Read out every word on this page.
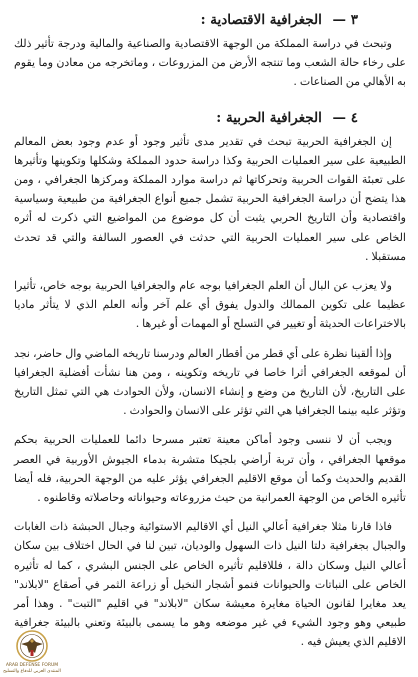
٣ — الجغرافية الاقتصادية :

وتبحث في دراسة المملكة من الوجهة الاقتصادية والصناعية والمالية ودرجة تأثير ذلك على رخاء حالة الشعب وما تنتجه الأرض من المزروعات ، وماتخرجه من معادن وما يقوم به الأهالي من الصناعات .

٤ — الجغرافية الحربية :

إن الجغرافية الحربية تبحث في تقدير مدى تأثير وجود أو عدم وجود بعض المعالم الطبيعية على سير العمليات الحربية وكذا دراسة حدود المملكة وشكلها وتكوينها وتأثيرها على تعبئة القوات الحربية وتحركاتها ثم دراسة موارد المملكة ومركزها الجغرافي ، ومن هذا يتضح أن دراسة الجغرافية الحربية تشمل جميع أنواع الجغرافية من طبيعية وسياسية واقتصادية وأن التاريخ الحربي يثبت أن كل موضوع من المواضيع التي ذكرت له أثره الخاص على سير العمليات الحربية التي حدثت في العصور السالفة والتي قد تحدث مستقبلا .

ولا يعزب عن البال أن العلم الجغرافيا بوجه عام والجغرافيا الحربية بوجه خاص، تأثيرا عظيما على تكوين الممالك والدول يفوق أي علم آخر وأنه العلم الذي لا يتأثر ماديا بالاختراعات الحديثة أو تغيير في التسلح أو المهمات أو غيرها .

وإذا ألقينا نظرة على أي قطر من أقطار العالم ودرسنا تاريخه الماضي وال حاضر، نجد أن لموقعه الجغرافي أثرا خاصا في تاريخه وتكوينه ، ومن هنا نشأت أفضلية الجغرافيا على التاريخ، لأن التاريخ من وضع و إنشاء الانسان، ولأن الحوادث هي التي تمثل التاريخ وتؤثر عليه بينما الجغرافيا هي التي تؤثر على الانسان والحوادث .

ويجب أن لا ننسى وجود أماكن معينة تعتبر مسرحا دائما للعمليات الحربية بحكم موقعها الجغرافي ، وأن تربة أراضي بلجيكا متشربة بدماء الجيوش الأوربية في العصر القديم والحديث وكما أن موقع الاقليم الجغرافي يؤثر عليه من الوجهة الحربية، فله أيضا تأثيره الخاص من الوجهة العمرانية من حيث مزروعاته وحيواناته وحاصلاته وقاطنوه .

فاذا قارنا مثلا جغرافية أعالي النيل أي الاقاليم الاستوائية وجبال الحبشة ذات الغابات والجبال بجغرافية دلتا النيل ذات السهول والوديان، تبين لنا في الحال اختلاف بين سكان أعالي النيل وسكان دالة ، فللاقليم تأثيره الخاص على الجنس البشري ، كما له تأثيره الخاص على النباتات والحيوانات فنمو أشجار النخيل أو زراعة الثمر في أصقاع "لابلاند" يعد مغايرا لقانون الحياة مغايرة معيشة سكان "لابلاند" في اقليم "التبت" . وهذا أمر طبيعي وهو وجود الشيء في غير موضعه وهو ما يسمى بالبيئة وتعني بالبيئة جغرافية الاقليم الذي يعيش فيه .

ARAB DEFENSE FORUM
المنتدى العربي للدفاع والتسليح
